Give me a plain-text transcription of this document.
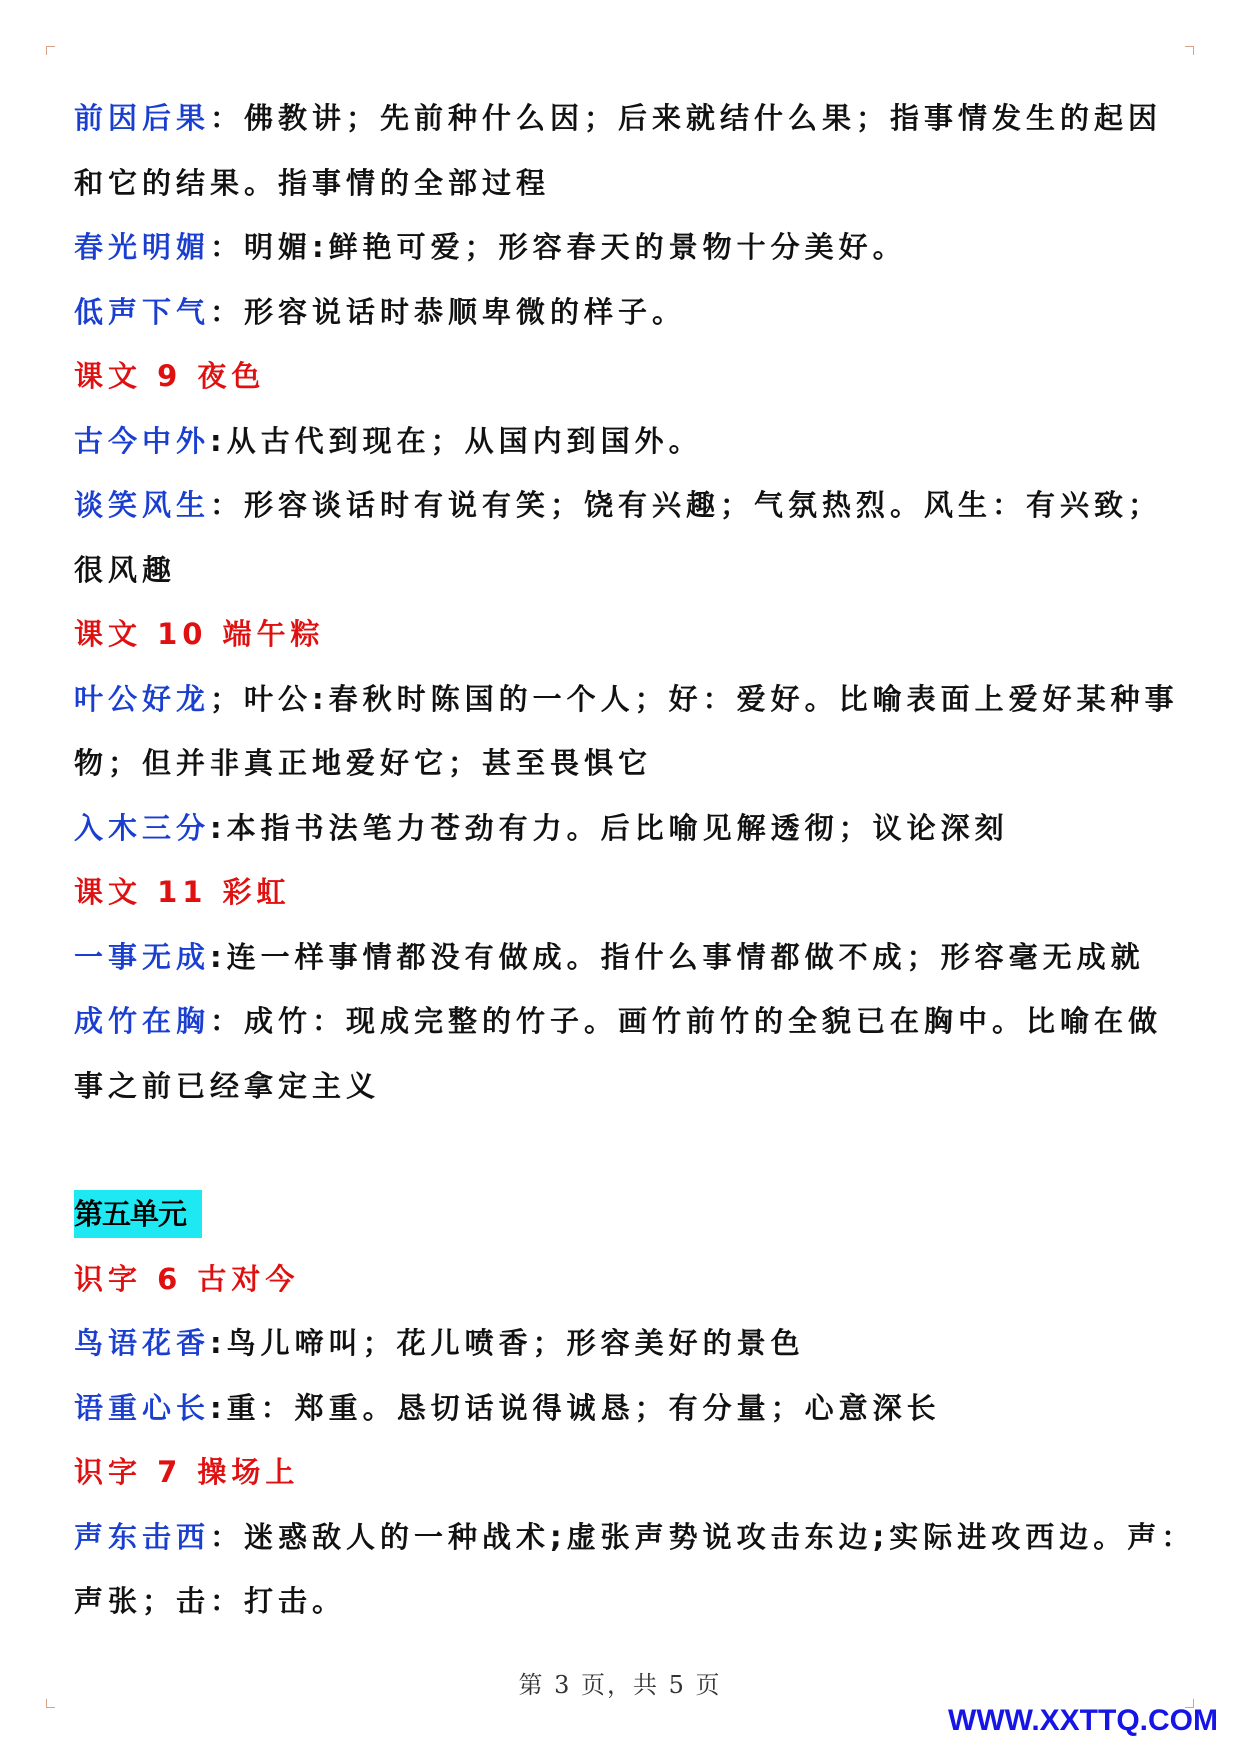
前因后果：佛教讲；先前种什么因；后来就结什么果；指事情发生的起因
和它的结果。指事情的全部过程
春光明媚：明媚:鲜艳可爱；形容春天的景物十分美好。
低声下气：形容说话时恭顺卑微的样子。
课文 9 夜色
古今中外:从古代到现在；从国内到国外。
谈笑风生：形容谈话时有说有笑；饶有兴趣；气氛热烈。风生：有兴致；
很风趣
课文 10 端午粽
叶公好龙；叶公:春秋时陈国的一个人；好：爱好。比喻表面上爱好某种事
物；但并非真正地爱好它；甚至畏惧它
入木三分:本指书法笔力苍劲有力。后比喻见解透彻；议论深刻
课文 11 彩虹
一事无成:连一样事情都没有做成。指什么事情都做不成；形容毫无成就
成竹在胸：成竹：现成完整的竹子。画竹前竹的全貌已在胸中。比喻在做
事之前已经拿定主义
第五单元
识字 6 古对今
鸟语花香:鸟儿啼叫；花儿喷香；形容美好的景色
语重心长:重：郑重。恳切话说得诚恳；有分量；心意深长
识字 7 操场上
声东击西：迷惑敌人的一种战术;虚张声势说攻击东边;实际进攻西边。声：
声张；击：打击。
第 3 页，共 5 页
WWW.XXTTQ.COM
